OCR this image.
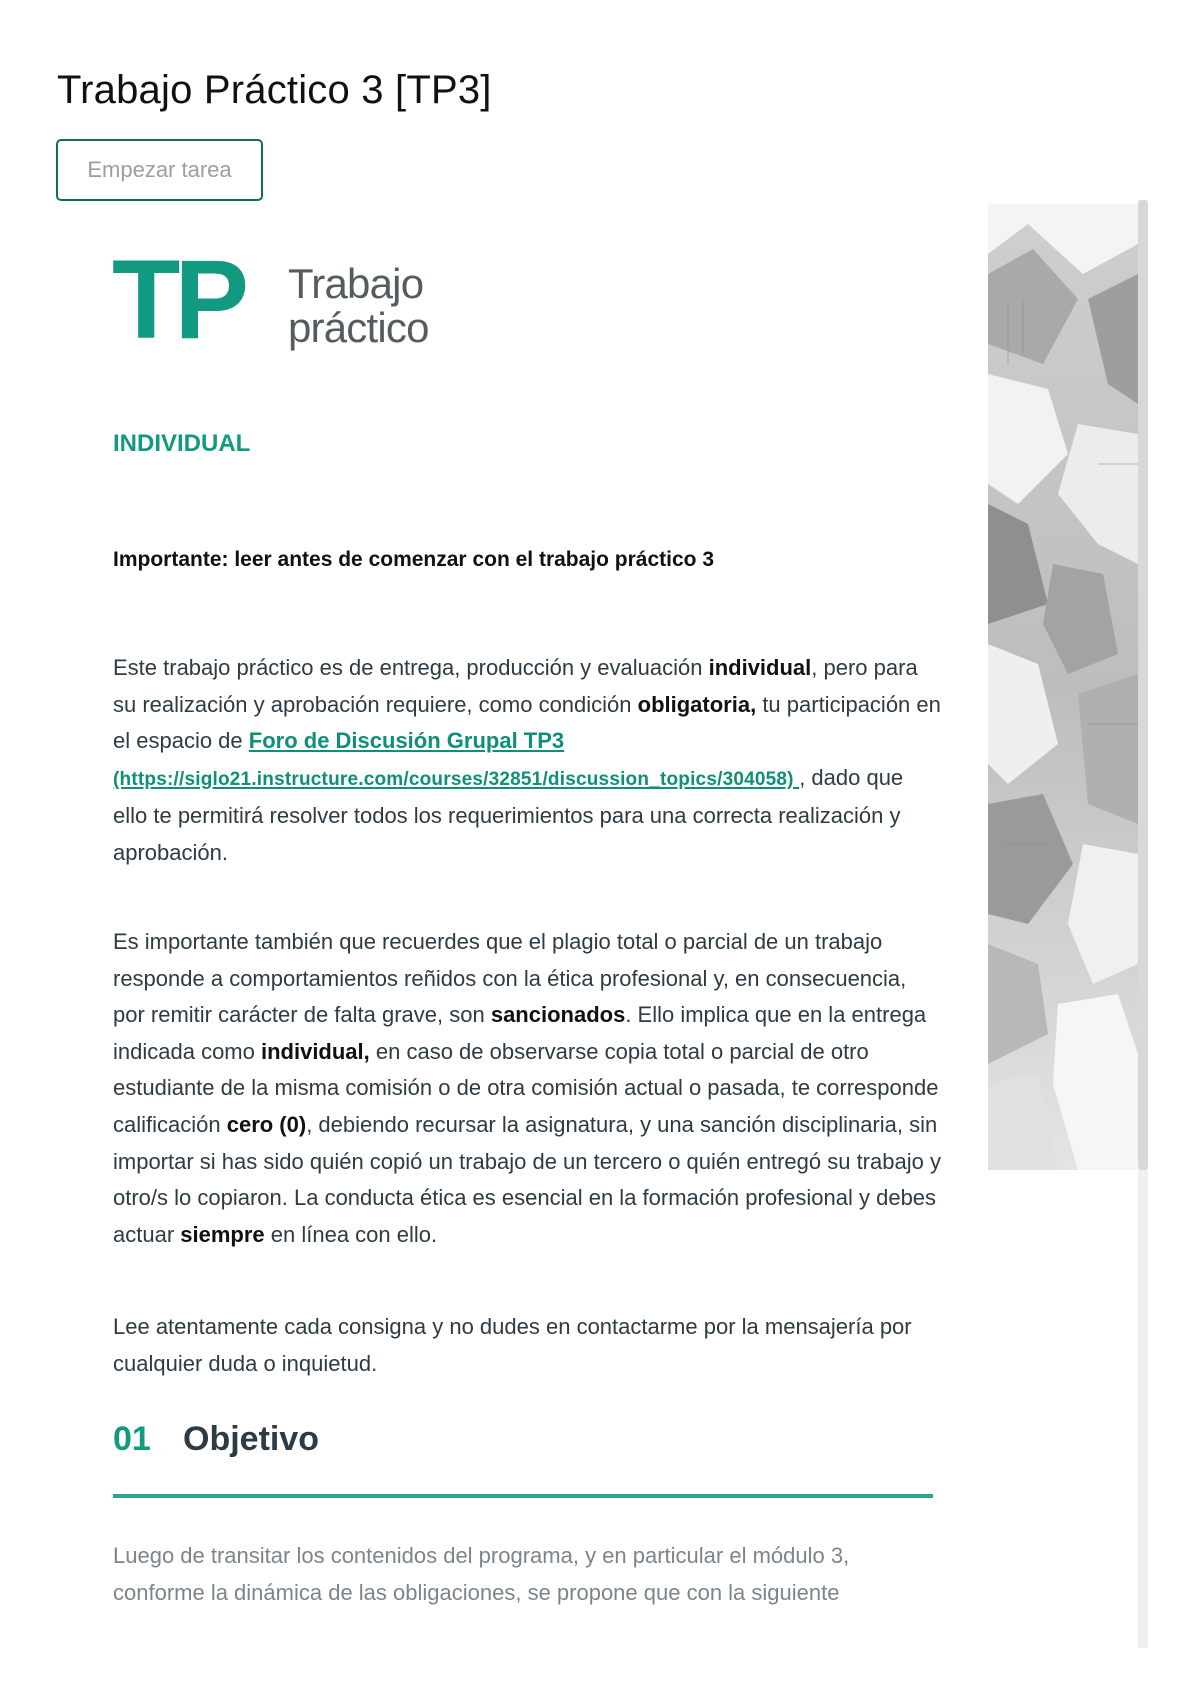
Trabajo Práctico 3 [TP3]
Empezar tarea
TP Trabajo
práctico

INDIVIDUAL

Importante: leer antes de comenzar con el trabajo práctico 3

Este trabajo práctico es de entrega, producción y evaluación individual, pero para su realización y aprobación requiere, como condición obligatoria, tu participación en el espacio de Foro de Discusión Grupal TP3
(https://siglo21.instructure.com/courses/32851/discussion_topics/304058) , dado que ello te permitirá resolver todos los requerimientos para una correcta realización y aprobación.

Es importante también que recuerdes que el plagio total o parcial de un trabajo responde a comportamientos reñidos con la ética profesional y, en consecuencia, por remitir carácter de falta grave, son sancionados. Ello implica que en la entrega indicada como individual, en caso de observarse copia total o parcial de otro estudiante de la misma comisión o de otra comisión actual o pasada, te corresponde calificación cero (0), debiendo recursar la asignatura, y una sanción disciplinaria, sin importar si has sido quién copió un trabajo de un tercero o quién entregó su trabajo y otro/s lo copiaron. La conducta ética es esencial en la formación profesional y debes actuar siempre en línea con ello.

Lee atentamente cada consigna y no dudes en contactarme por la mensajería por cualquier duda o inquietud.

01 Objetivo

Luego de transitar los contenidos del programa, y en particular el módulo 3, conforme la dinámica de las obligaciones, se propone que con la siguiente
